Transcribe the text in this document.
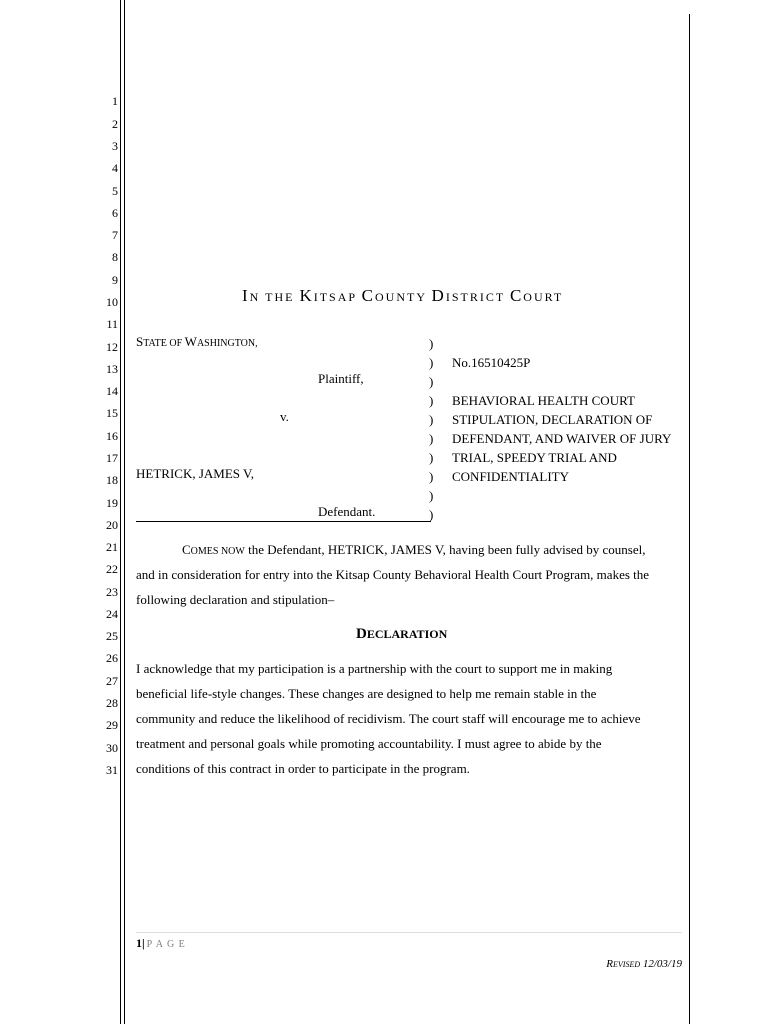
1
2
3
4
5
6
7
8
9
10
11
12
13
14
15
16
17
18
19
20
21
22
23
24
25
26
27
28
29
30
31
IN THE KITSAP COUNTY DISTRICT COURT
STATE OF WASHINGTON,
Plaintiff,
v.
HETRICK, JAMES V,
Defendant.
)
)
)
)
)
)
)
)
)
)
No.16510425P
BEHAVIORAL HEALTH COURT
STIPULATION, DECLARATION OF
DEFENDANT, AND WAIVER OF JURY
TRIAL, SPEEDY TRIAL AND
CONFIDENTIALITY
COMES NOW the Defendant, HETRICK, JAMES V, having been fully advised by counsel,
and in consideration for entry into the Kitsap County Behavioral Health Court Program, makes the
following declaration and stipulation–
DECLARATION
I acknowledge that my participation is a partnership with the court to support me in making
beneficial life-style changes. These changes are designed to help me remain stable in the
community and reduce the likelihood of recidivism. The court staff will encourage me to achieve
treatment and personal goals while promoting accountability. I must agree to abide by the
conditions of this contract in order to participate in the program.
1| P A G E
REVISED 12/03/19
